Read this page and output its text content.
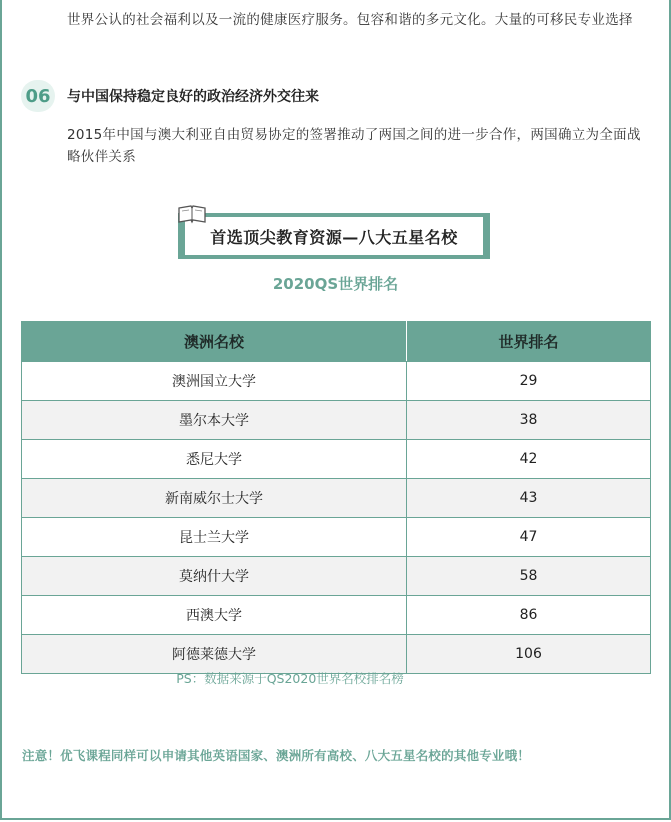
世界公认的社会福利以及一流的健康医疗服务。包容和谐的多元文化。大量的可移民专业选择
06	与中国保持稳定良好的政治经济外交往来
2015年中国与澳大利亚自由贸易协定的签署推动了两国之间的进一步合作，两国确立为全面战略伙伴关系
首选顶尖教育资源—八大五星名校
2020QS世界排名
澳洲名校	世界排名
澳洲国立大学	29
墨尔本大学	38
悉尼大学	42
新南威尔士大学	43
昆士兰大学	47
莫纳什大学	58
西澳大学	86
阿德莱德大学	106
PS：数据来源于QS2020世界名校排名榜
注意！优飞课程同样可以申请其他英语国家、澳洲所有高校、八大五星名校的其他专业哦！
